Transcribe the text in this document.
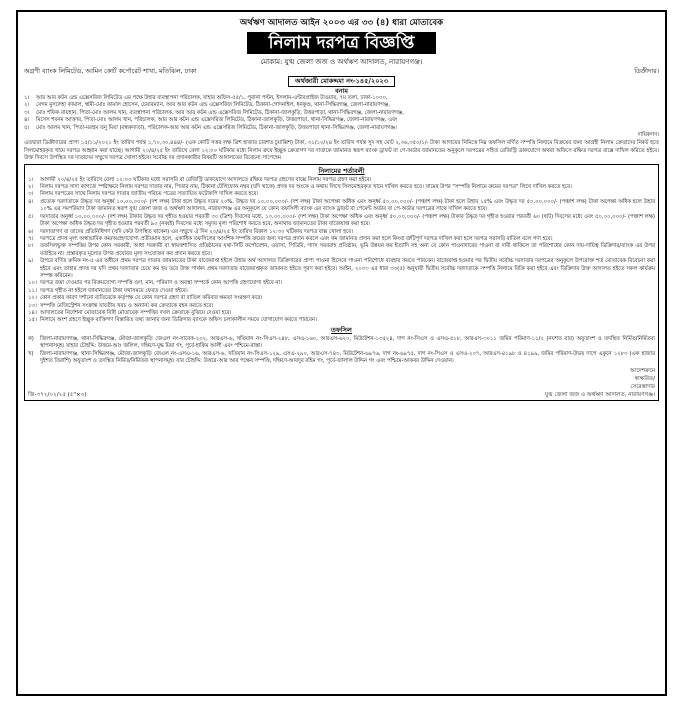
অর্থঋণ আদালত আইন ২০০৩ এর ৩৩ (৪) ধারা মোতাবেক
নিলাম দরপত্র বিজ্ঞপ্তি
মোকাম: যুগ্ম জেলা জজ ও অর্থঋণ আদালত, নারায়ণগঞ্জ।
অগ্রণী ব্যাংক লিমিটেড, আমিন কোর্ট কর্পোরেট শাখা, মতিঝিল, ঢাকা	ডিক্রীদার।
অর্থজারী মোকদ্দমা নং-১৪৫/২০২৩
বনাম
১।	আর আর কটন এন্ড এক্সেসরিজ লিমিটেড এর পক্ষে উহার ব্যবস্থাপনা পরিচালক, যাহার অফিস-৫৫/১, পুরানা পল্টন, ইসলাম-এন্টারপ্রাইজ টাওয়ার, ৭ম তলা, ঢাকা-১০০০,
২।	বেগম মুসলেহা কামাল, স্বামী-মোঃ কামাল হোসেন, চেয়ারম্যান, আর আর কটন এন্ড এক্সেসরিজ লিমিটেড, ঠিকানা-গোদনাইল, ধনকুণ্ড, থানা-সিদ্ধিরগঞ্জ, জেলা-নারায়ণগঞ্জ,
৩।	মোঃ শফিক রায়হান, পিতা-মোঃ আলম খান, ব্যবস্থাপনা পরিচালক, আর আর কটন এন্ড এক্সেসরিজ লিমিটেড, ঠিকানা-জালকুড়ি, উত্তরপাড়া, থানা-সিদ্ধিরগঞ্জ, জেলা-নারায়ণগঞ্জ,
৪।	মিসেস শবনম আক্তার, পিতা-মোঃ আলম খান, পরিচালক, আর আর কটন এন্ড এক্সেসরিজ লিমিটেড, ঠিকানা-জালকুড়ি, উত্তরপাড়া, থানা-সিদ্ধিরগঞ্জ, জেলা-নারায়ণগঞ্জ, এবং
৫।	মোঃ আলম খান, পিতা-মরহুম তনু মিয়া (বন্ধকদাতা), পরিচালক-আর আর কটন এন্ড এক্সেসরিজ লিমিটেড, ঠিকানা-জালকুড়ি, উত্তরপাড়া থানা-সিদ্ধিরগঞ্জ, জেলা-নারায়ণগঞ্জ।
দায়িকগণ।
এতদ্বারা ডিক্রীদারের প্রাপ্য ১৫/১১/২০২১ ইং তারিখ পর্যন্ত ১,৭০,৩০,৪৪৪/- (এক কোটি সত্তর লক্ষ ত্রিশ হাজার চারশত চুয়াল্লিশ) টাকা, ৩১/১০/২৪ ইং তারিখ পর্যন্ত সুদ সহ মোট ২,৩৬,৩৫০/১/- টাকা আদায়ের নিমিত্তে নিম্ন তফসিল বর্ণিত সম্পত্তি নিলামে বিক্রয়ের জন্য আগ্রহী নিলাম ক্রেতাদের নিকট হতে সিলমোহরকৃত খামে দরপত্র আহ্বান করা যাচ্ছে। আগামী ২০/৪/২৫ ইং তারিখে বেলা ১২:০০ ঘটিকার মধ্যে নিলাম ক্রয়ে ইচ্ছুক ক্রেতাগণ দর দাতাকে জামানত স্বরূপ ব্যাংক ড্রাফট বা পে-অর্ডার জামানতের অনুকূলে দরপত্রের সহিত রেজিস্ট্রি ডাকযোগে অথবা অফিসে রক্ষিত দরপত্র বাক্সে দাখিল করিতে হইবে। উক্ত দিবসে উপস্থিত দর দাতাদের সম্মুখে দরপত্র খোলা হইবে। সর্বোচ্চ দর প্রদানকারীর বিষয়টি আদালতের বিবেচনা সাপেক্ষে।
নিলামের শর্তাবলী
১।	আগামী ২০/৪/২৫ ইং তারিখে বেলা ১২:০০ ঘটিকার মধ্যে সরাসরি বা রেজিস্ট্রি ডাকযোগে আদালতে রক্ষিত দরপত্র গ্রহণের বাক্সে নিলাম দরপত্র গ্রহণ করা হইবে।
২।	নিলাম দরপত্র সাদা কাগজে স্পষ্টাক্ষরে নিলাম দরপত্র দাতার নাম, পিতার নাম, ঠিকানা টেলিফোন নম্বর (যদি থাকে) প্রদত্ত দর অংকে ও কথায় লিখে সিলমোহরকৃত খামে দাখিল করতে হবে। খামের উপর "সম্পত্তি নিলামে ক্রয়ের দরপত্র" লিখে দাখিল করতে হবে।
৩।	নিলাম দরপত্রের সাথে নিলাম দরপত্র দাতার জাতীয় পরিচয় পত্রের সত্যায়িত ফটোকপি দাখিল করতে হবে।
৪।	প্রত্যেক দরদাতাকে উদ্ধৃত দর অনূর্ধ্ব ১০,০০,০০০/- (দশ লক্ষ) টাকা হলে উদ্ধৃত দরের ২০%, উদ্ধৃত দর ১০,০০,০০০/- (দশ লক্ষ) টাকা অপেক্ষা অধিক এবং অনূর্ধ্ব ৫০,০০,০০০/- (পঞ্চাশ লক্ষ) টাকা হলে উহার ১৫% এবং উদ্ধৃত দর ৫০,০০,০০০/- (পঞ্চাশ লক্ষ) টাকা অপেক্ষা অধিক হলে উহার ১০% এর সমপরিমাণ টাকা জামানত স্বরূপ যুগ্ম জেলা জজ ও অর্থঋণ আদালত, নারায়ণগঞ্জ এর অনুকূলে যে কোন তফসিলী ব্যাংক এর ব্যাংক ড্রাফট বা পেমেন্ট অর্ডার বা পে-অর্ডার দরপত্রের সাথে দাখিল করতে হবে।
৫।	দরদাতার অনূর্ধ্ব ১০,০০,০০০/- (দশ লক্ষ) টাকার উদ্ধৃত দর গৃহীত হওয়ার পরবর্তী ৩০ (ত্রিশ) দিবসের মধ্যে, ১০,০০,০০০/- (দশ লক্ষ) টাকা অপেক্ষা অধিক এবং অনূর্ধ্ব ৫০,০০,০০০/- (পঞ্চাশ লক্ষ) টাকার উদ্ধৃত দর গৃহীত হওয়ার পরবর্তী ৬০ (ষাট) দিবসের মধ্যে এবং ৫০,০০,০০০/- (পঞ্চাশ লক্ষ) টাকা অপেক্ষা অধিক উদ্ধৃত দর গৃহীত হওয়ার পরবর্তী ৯০ (নব্বই) দিবসের মধ্যে সমুদয় মূল্য পরিশোধ করতে হবে, অন্যথায় জামানতের টাকা বাজেয়াপ্ত করা হবে।
৬।	দরদাতাগণ বা তাদের প্রতিনিধিগণ (যদি কেউ উপস্থিত থাকেন) এর সম্মুখে ঐ দিন ২০/৪/২৫ ইং তারিখ বিকাল ১২:৩০ ঘটিকায় দরপত্র বাক্স খোলা হবে।
৭।	দরপত্রে প্রদত্ত মূল্য অস্বাভাবিক কম/অগ্রহণযোগ্য প্রতীয়মান হলে, একাধিক তফসিলের আংশিক সম্পত্তি ক্রয়ের জন্য দরপত্র প্রদান করলে এবং কম জামানত প্রদান করা হলে কিংবা ত্রুটিপূর্ণ দরপত্র দাখিল করা হলে দরপত্র সরাসরি বাতিল বলে গণ্য হবে।
৮।	তফসিলভুক্ত সম্পত্তির উপর কোন সরকারী, আধা সরকারী বা স্বায়ত্তশাসিত প্রতিষ্ঠানের যথা-সিটি কর্পোরেশন, ওয়াসা, পিডিবি, গ্যাস সরবরাহ প্রতিষ্ঠান, ভূমি উন্নয়ন কর ইত্যাদি সহ অন্য যে কোন পাওনাদারের পাওনা বা দাবী থাকিলে তা পরিশোধের কোন দায়-দায়িত্ব ডিক্রিদার/ব্যাংক এর উপর বর্তাইবে না। প্রস্তাবকৃত মূল্যের উপর প্রযোজ্য মূল্য সংযোজন কর প্রদান করতে হবে।
৯।	উপরে বর্ণিত ক্রমিক নং-৫ এর অধীনে প্রথম দরপত্র দাতার জামানতের টাকা বাজেয়াপ্ত হইলে উহার অর্থ আদালত ডিক্রিদারের প্রাপ্য পাওনা হিসেবে পাওনা পরিশোধে ব্যবহার করতে পারবেন। বাজেয়াপ্ত হওয়ার পর দ্বিতীয় সর্বোচ্চ দরদাতার দরপত্রের অনুকূলে উপরোক্ত শর্ত মোতাবেক বিবেচনা করা হইবে এবং তাহার প্রদত্ত দর যদি প্রথম দরদাতার চেয়ে কম হয় তবে উক্ত পার্থক্য প্রথম দরদাতার বাজেয়াপ্তকৃত জামানত হইতে পূরণ করা হইবে। আইন, ২০০৩ এর ধারা ৩৩(৫) অনুযায়ী দ্বিতীয় সর্বোচ্চ দরদাতাকে সম্পত্তি নিলামে বিক্রি করা হইবে এবং ডিক্রিদার উক্ত আদালত হইতে সকল কার্যক্রম সম্পন্ন করিবেন।
১০। দরপত্র জমা দেওয়ার পর বিক্রয়যোগ্য সম্পত্তি গুণ, মান, পরিমাণ ও অবস্থা সম্পর্কে কোন আপত্তি গ্রহণযোগ্য হইবে না।
১১। দরপত্র গৃহীত না হইলে জামানতের টাকা যথাসময়ে ফেরত দেওয়া হইবে।
১২। কোন প্রকার কারণ দর্শানো ব্যতিরেকে কর্তৃপক্ষ যে কোন দরপত্র গ্রহণ বা বাতিল করিবার ক্ষমতা সংরক্ষণ করে।
১৩। সম্পত্তি রেজিস্ট্রেশন সংক্রান্ত যাবতীয় খরচ ও অন্যান্য কর ক্রেতাকে বহন করতে হবে।
১৪। আদালতের নির্দেশনা মোতাবেক বিধি মোতাবেক সম্পত্তির দখল ক্রেতাকে বুঝিয়ে দেওয়া হবে।
১৫। নিলামে অংশ গ্রহণে ইচ্ছুক ব্যক্তিগণ বিস্তারিত তথ্য জানার জন্য ডিক্রিদার ব্যাংকে অফিস চলাকালীন সময়ে যোগাযোগ করতে পারবেন।
তফসিল
ক)	জিলা-নারায়ণগঞ্জ, থানা-সিদ্ধিরগঞ্জ, মৌজা-জালকুড়ি জেএল নং-সাবেক-২০২, আরএস-৬, খতিয়ান নং-সিএস-২৪৮, এসএ-১৬০, আরএস-৬২০, মিউটেশন-১৩৫২৪, দাগ নং-সিএস ও এসএ-৫১৮, আরএস-৩০১১ জমির পরিমাণ-১১/২ (নয়শত বার) অযুতাংশ ও তদস্থিত নির্মিত/নির্মিতব্য স্থাপনাসমূহ। যাহার চৌহদ্দি: উত্তরে-আঃ জলিল, দক্ষিণে-যুদ্ধ মিয়া গং, পূর্বে-হাকিম আলী এবং পশ্চিমে-রাস্তা।
খ)	জিলা-নারায়ণগঞ্জ, থানা-সিদ্ধিরগঞ্জ, মৌজা-জালকুড়ি জেএল নং-এসএ-১৬, আরএস-৬, খতিয়ান নং-সিএস-১২৯, এসএ-২৯০, আরএস-৭৪৩, মিউটেশন-৬৯৭৬, দাগ নং-৬৯৭৫, দাগ নং-সিএস ও এসএ-২০৭, আরএস-৪১৯৮ ও ৪১৯৯, জমির পরিমাণ-উভয় দাগে একুনে ১২৮৩ (এক হাজার দুইশত তিরাশি) অযুতাংশ ও তদস্থিত নির্মিত/নির্মিতব্য স্থাপনাসমূহ। যার চৌহদ্দি: উত্তরে-আর আর পক্ষের সম্পত্তি, দক্ষিণে-আবদুর রহিম গং, পূর্বে-জালাল উদ্দিন গং এবং পশ্চিমে-আকবর উদ্দিন দেওয়ান।
জি-৩৭২/০২/২৫ (৫"×৩)
আদেশক্রমে
স্বাক্ষরিত/
সেরেস্তাদার
যুগ্ম জেলা জজ ও অর্থঋণ আদালত, নারায়ণগঞ্জ।
